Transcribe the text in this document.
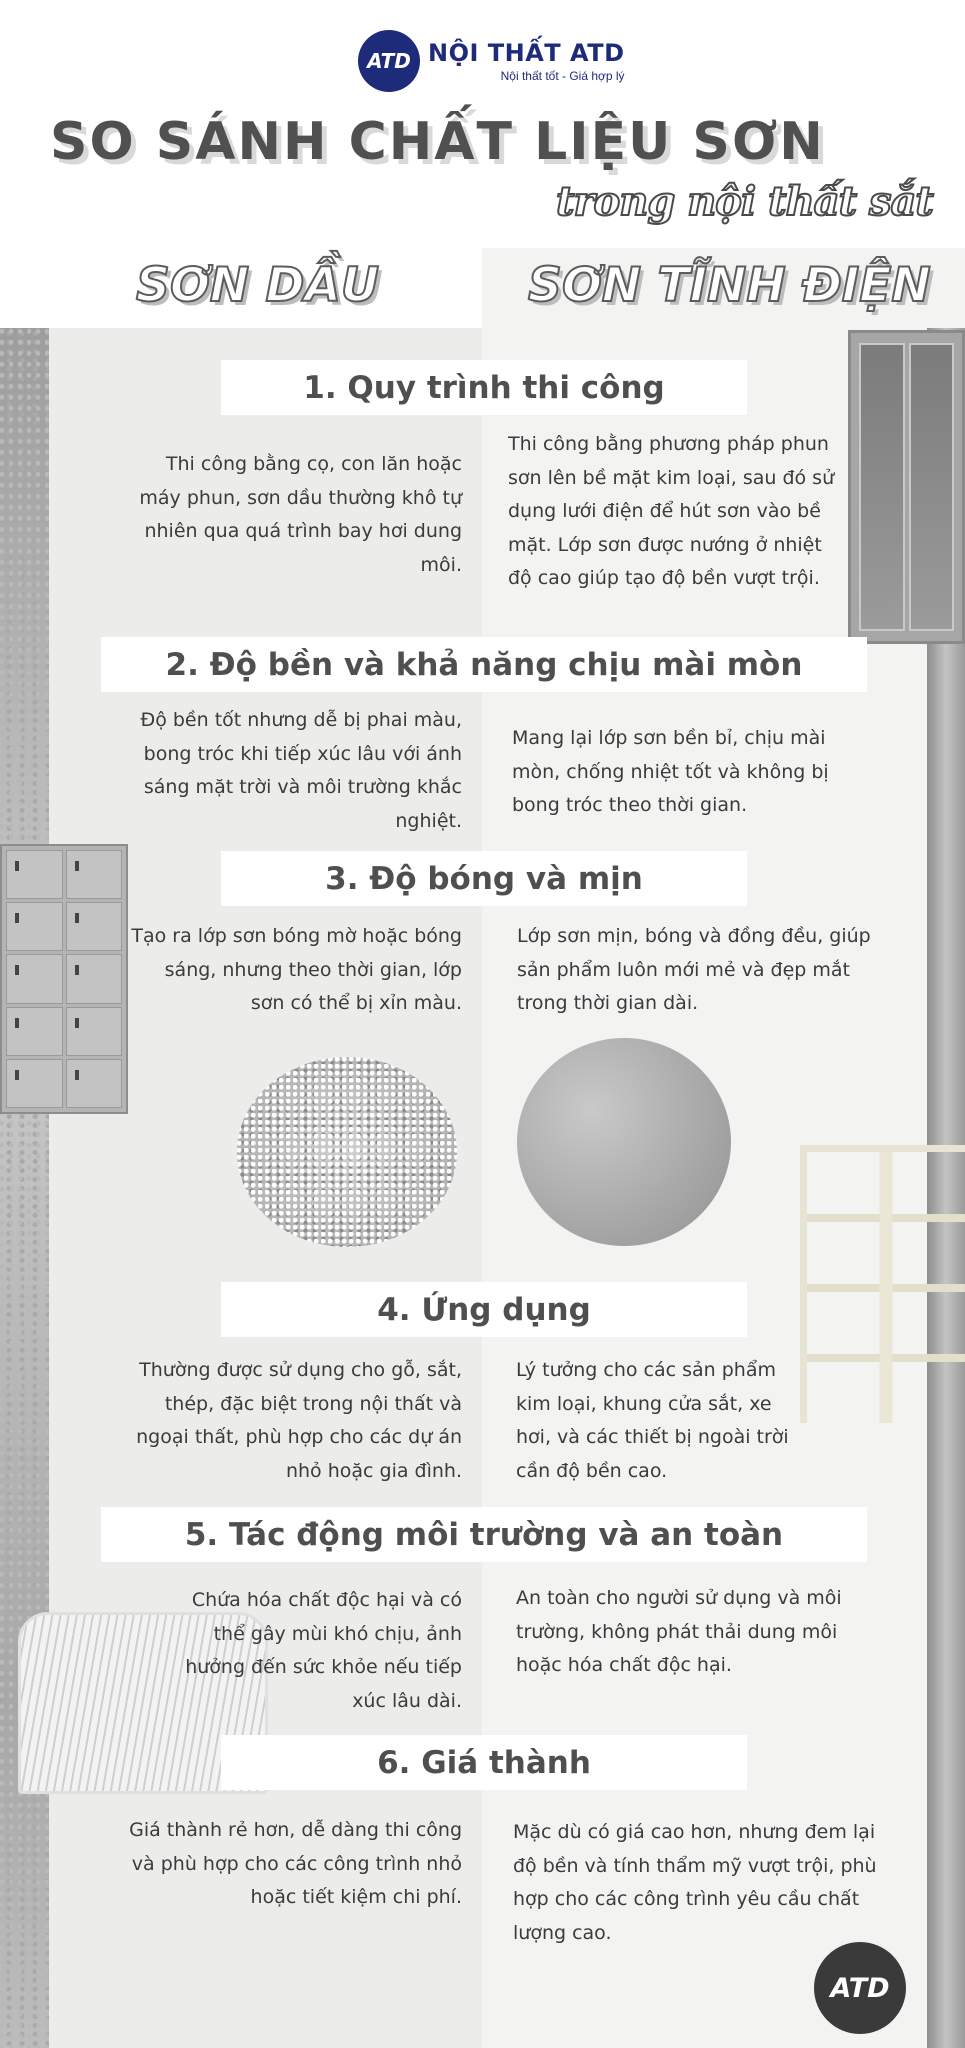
ATD NỘI THẤT ATD
Nội thất tốt - Giá hợp lý
SO SÁNH CHẤT LIỆU SƠN
trong nội thất sắt
SƠN DẦU	SƠN TĨNH ĐIỆN
1. Quy trình thi công

Thi công bằng cọ, con lăn hoặc máy phun, sơn dầu thường khô tự nhiên qua quá trình bay hơi dung môi.

Thi công bằng phương pháp phun sơn lên bề mặt kim loại, sau đó sử dụng lưới điện để hút sơn vào bề mặt. Lớp sơn được nướng ở nhiệt độ cao giúp tạo độ bền vượt trội.

2. Độ bền và khả năng chịu mài mòn

Độ bền tốt nhưng dễ bị phai màu, bong tróc khi tiếp xúc lâu với ánh sáng mặt trời và môi trường khắc nghiệt.

Mang lại lớp sơn bền bỉ, chịu mài mòn, chống nhiệt tốt và không bị bong tróc theo thời gian.

3. Độ bóng và mịn

Tạo ra lớp sơn bóng mờ hoặc bóng sáng, nhưng theo thời gian, lớp sơn có thể bị xỉn màu.

Lớp sơn mịn, bóng và đồng đều, giúp sản phẩm luôn mới mẻ và đẹp mắt trong thời gian dài.

4. Ứng dụng

Thường được sử dụng cho gỗ, sắt, thép, đặc biệt trong nội thất và ngoại thất, phù hợp cho các dự án nhỏ hoặc gia đình.

Lý tưởng cho các sản phẩm kim loại, khung cửa sắt, xe hơi, và các thiết bị ngoài trời cần độ bền cao.

5. Tác động môi trường và an toàn

Chứa hóa chất độc hại và có thể gây mùi khó chịu, ảnh hưởng đến sức khỏe nếu tiếp xúc lâu dài.

An toàn cho người sử dụng và môi trường, không phát thải dung môi hoặc hóa chất độc hại.

6. Giá thành

Giá thành rẻ hơn, dễ dàng thi công và phù hợp cho các công trình nhỏ hoặc tiết kiệm chi phí.

Mặc dù có giá cao hơn, nhưng đem lại độ bền và tính thẩm mỹ vượt trội, phù hợp cho các công trình yêu cầu chất lượng cao.

ATD
